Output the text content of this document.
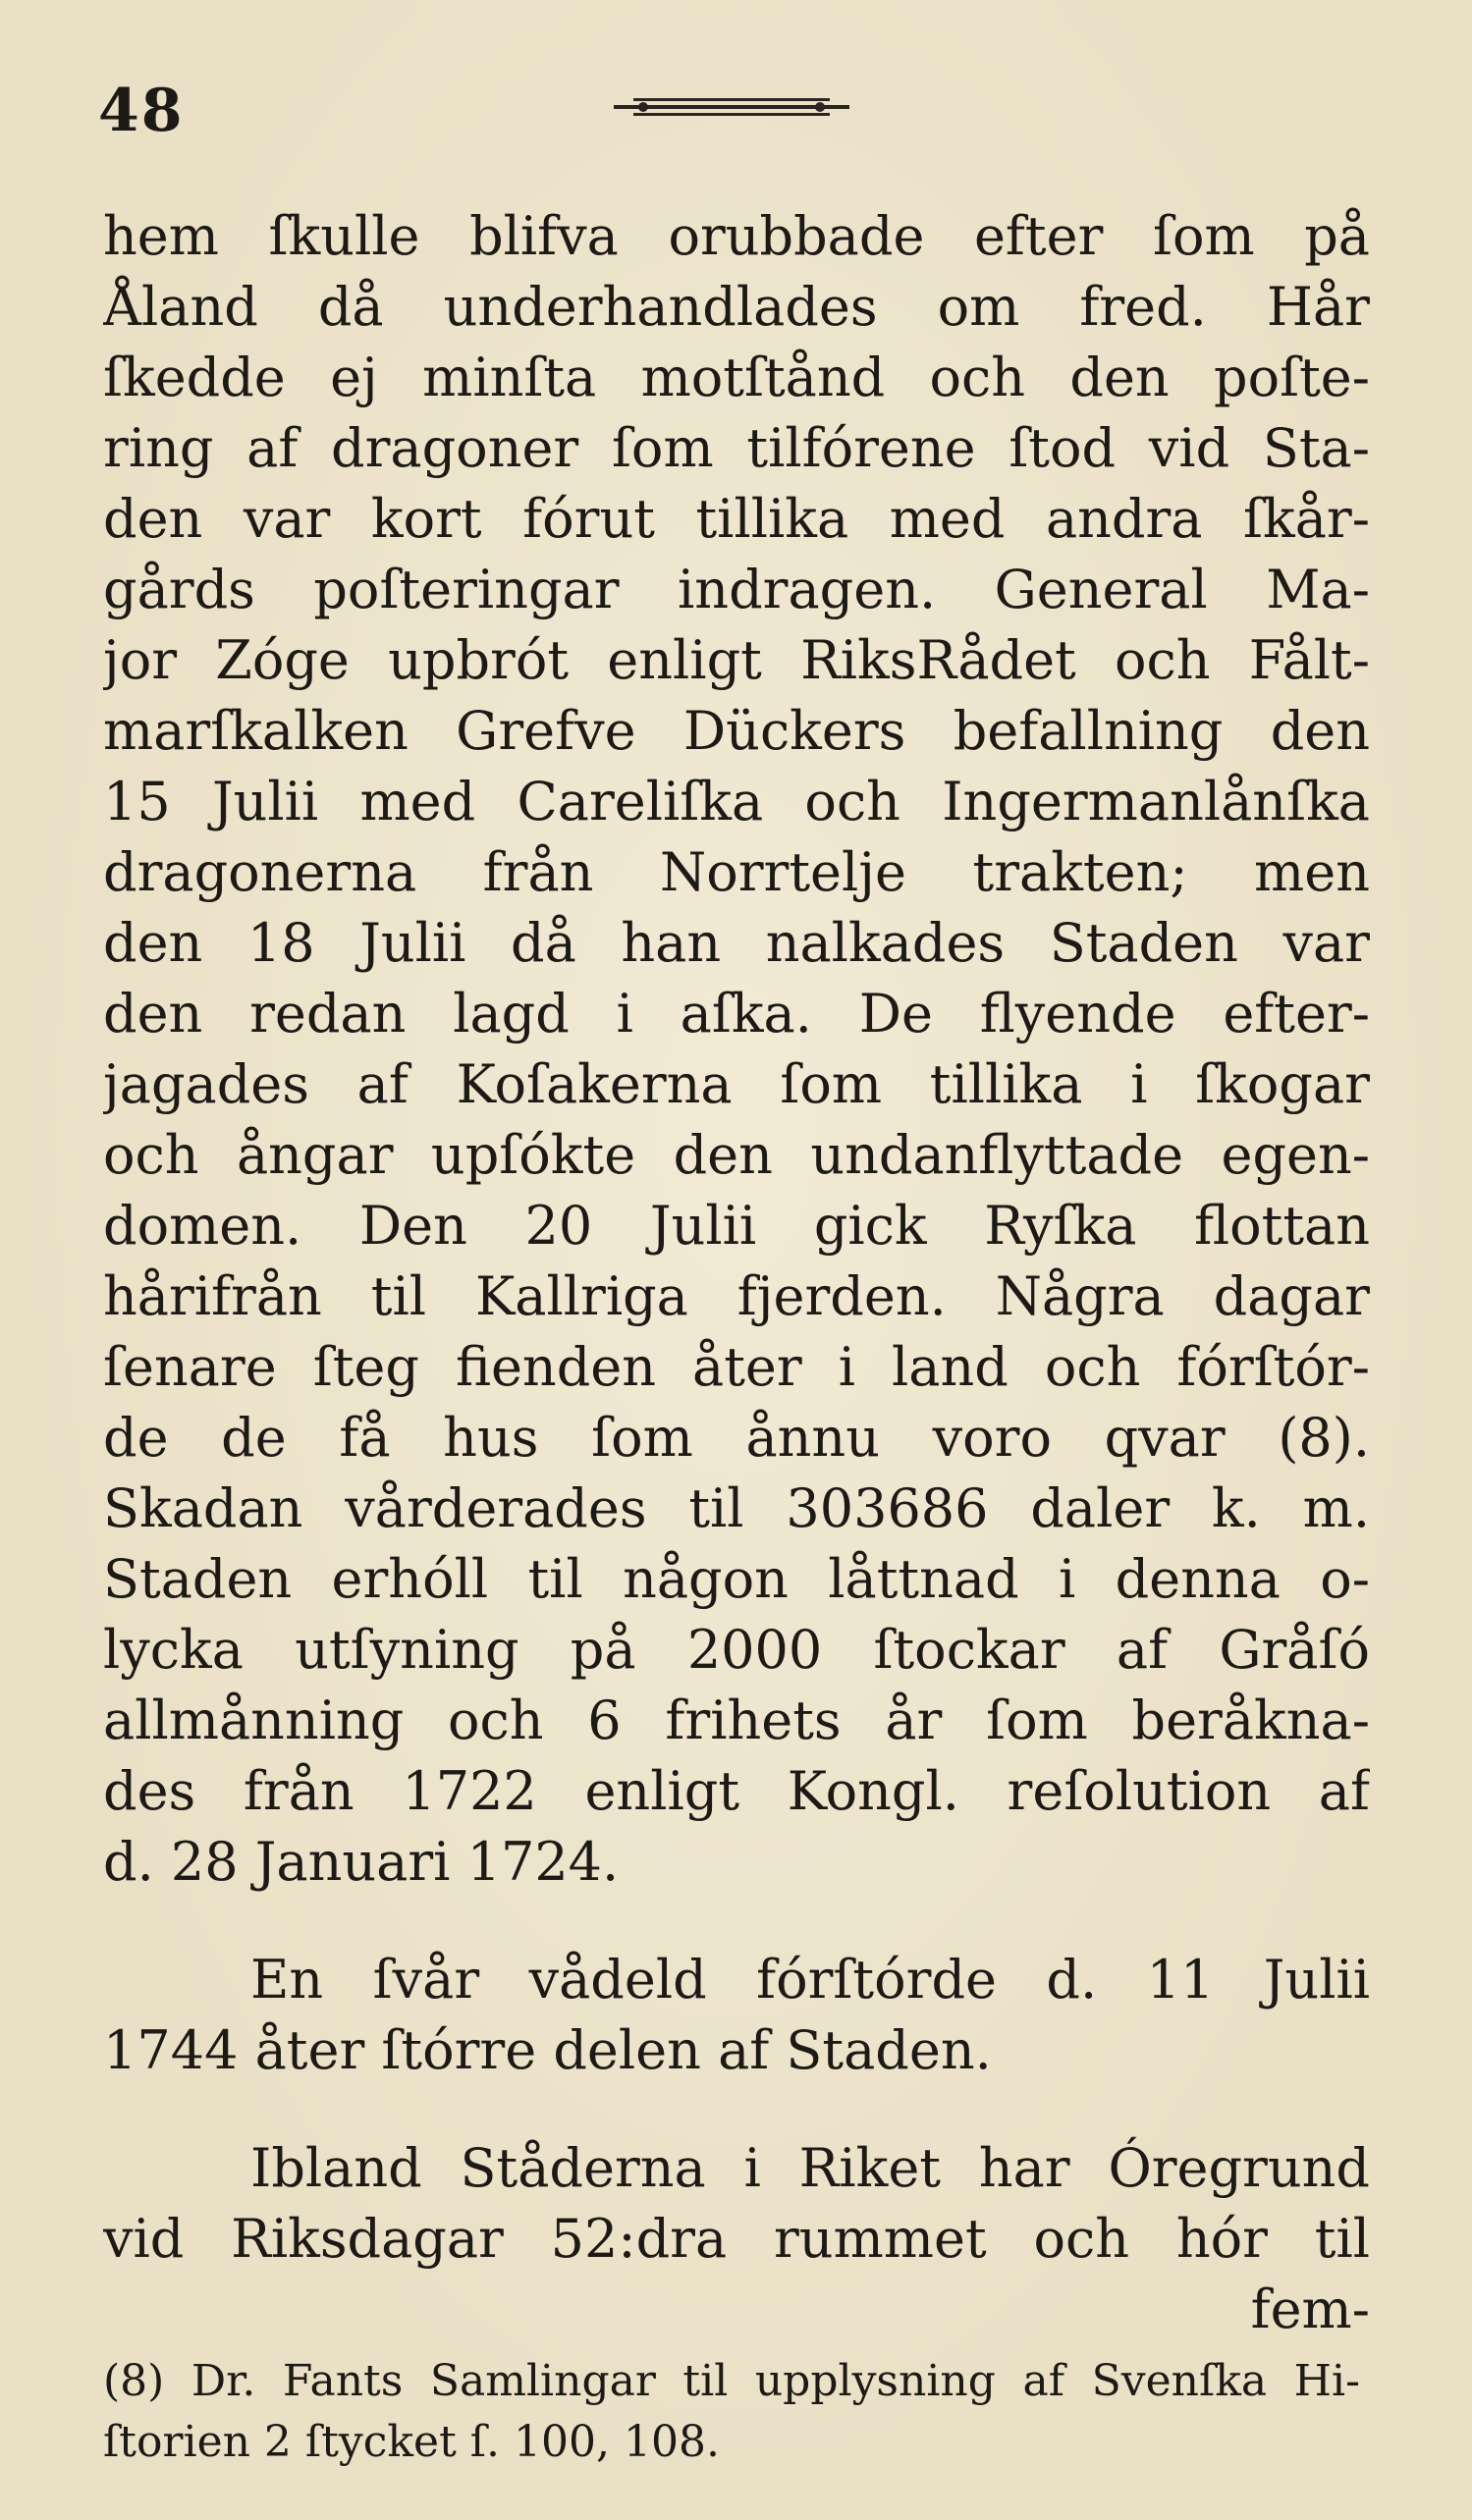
48
hem ſkulle blifva orubbade efter ſom på
Åland då underhandlades om fred. Hår
ſkedde ej minſta motſtånd och den poſte-
ring af dragoner ſom tilfórene ſtod vid Sta-
den var kort fórut tillika med andra ſkår-
gårds poſteringar indragen. General Ma-
jor Zóge upbrót enligt RiksRådet och Fålt-
marſkalken Grefve Dückers befallning den
15 Julii med Careliſka och Ingermanlånſka
dragonerna från Norrtelje trakten; men
den 18 Julii då han nalkades Staden var
den redan lagd i aſka. De flyende efter-
jagades af Koſakerna ſom tillika i ſkogar
och ångar upſókte den undanflyttade egen-
domen. Den 20 Julii gick Ryſka flottan
hårifrån til Kallriga fjerden. Några dagar
ſenare ſteg fienden åter i land och fórſtór-
de de få hus ſom ånnu voro qvar (8).
Skadan vårderades til 303686 daler k. m.
Staden erhóll til någon låttnad i denna o-
lycka utſyning på 2000 ſtockar af Gråſó
allmånning och 6 frihets år ſom beråkna-
des från 1722 enligt Kongl. reſolution af
d. 28 Januari 1724.
En ſvår vådeld fórſtórde d. 11 Julii
1744 åter ſtórre delen af Staden.
Ibland Ståderna i Riket har Óregrund
vid Riksdagar 52:dra rummet och hór til
fem-
(8) Dr. Fants Samlingar til upplysning af Svenſka Hi-
ſtorien 2 ſtycket ſ. 100, 108.
